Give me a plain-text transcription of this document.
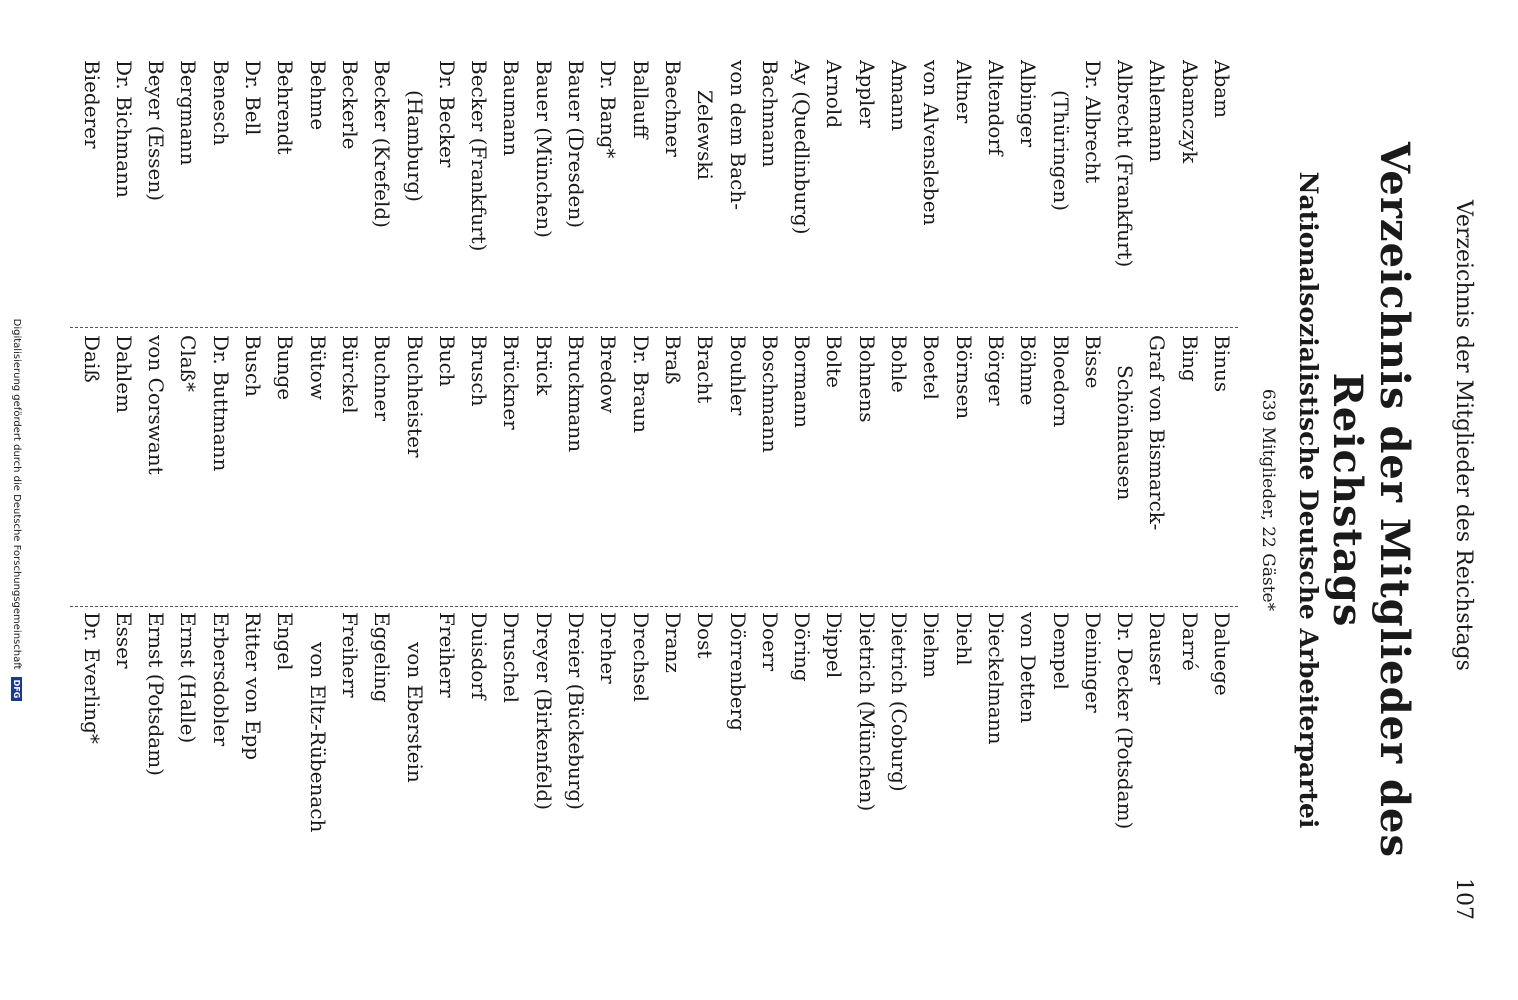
Verzeichnis der Mitglieder des Reichstags
107
Verzeichnis der Mitglieder des Reichstags
Nationalsozialistische Deutsche Arbeiterpartei
639 Mitglieder, 22 Gäste*
Abam
Abamczyk
Ahlemann
Albrecht (Frankfurt)
Dr. Albrecht
(Thüringen)
Albinger
Altendorf
Altner
von Alvensleben
Amann
Appler
Arnold
Ay (Quedlinburg)
Bachmann
von dem Bach-
Zelewski
Baechner
Ballauff
Dr. Bang*
Bauer (Dresden)
Bauer (München)
Baumann
Becker (Frankfurt)
Dr. Becker
(Hamburg)
Becker (Krefeld)
Beckerle
Behme
Behrendt
Dr. Bell
Benesch
Bergmann
Beyer (Essen)
Dr. Bichmann
Biederer
Binus
Bing
Graf von Bismarck-
Schönhausen
Bisse
Bloedorn
Böhme
Börger
Börnsen
Boetel
Bohle
Bohnens
Bolte
Bormann
Boschmann
Bouhler
Bracht
Braß
Dr. Braun
Bredow
Bruckmann
Brück
Brückner
Brusch
Buch
Buchheister
Buchner
Bürckel
Bütow
Bunge
Busch
Dr. Buttmann
Claß*
von Corswant
Dahlem
Daiß
Daluege
Darré
Dauser
Dr. Decker (Potsdam)
Deininger
Dempel
von Detten
Dieckelmann
Diehl
Diehm
Dietrich (Coburg)
Dietrich (München)
Dippel
Döring
Doerr
Dörrenberg
Dost
Dranz
Drechsel
Dreher
Dreier (Bückeburg)
Dreyer (Birkenfeld)
Druschel
Duisdorf
Freiherr
von Eberstein
Eggeling
Freiherr
von Eltz-Rübenach
Engel
Ritter von Epp
Erbersdobler
Ernst (Halle)
Ernst (Potsdam)
Esser
Dr. Everling*
Digitalisierung gefördert durch die Deutsche Forschungsgemeinschaft DFG
